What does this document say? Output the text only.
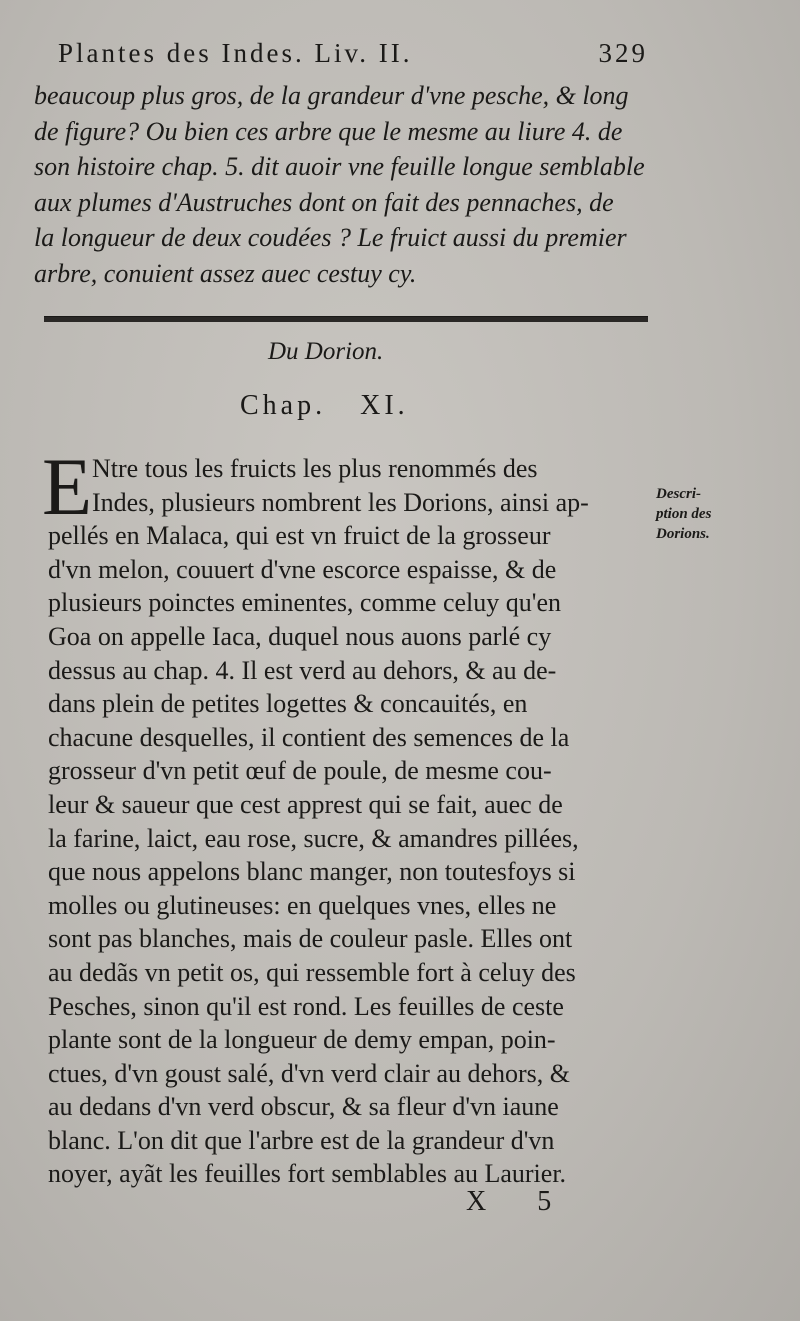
Plantes des Indes. Liv. II.	329
beaucoup plus gros, de la grandeur d'vne pesche, & long
de figure? Ou bien ces arbre que le mesme au liure 4. de
son histoire chap. 5. dit auoir vne feuille longue semblable
aux plumes d'Austruches dont on fait des pennaches, de
la longueur de deux coudées ? Le fruict aussi du premier
arbre, conuient assez auec cestuy cy.
Du Dorion.
Chap. XI.
E Ntre tous les fruicts les plus renommés des
Indes, plusieurs nombrent les Dorions, ainsi ap-
pellés en Malaca, qui est vn fruict de la grosseur
d'vn melon, couuert d'vne escorce espaisse, & de
plusieurs poinctes eminentes, comme celuy qu'en
Goa on appelle Iaca, duquel nous auons parlé cy
dessus au chap. 4. Il est verd au dehors, & au de-
dans plein de petites logettes & concauités, en
chacune desquelles, il contient des semences de la
grosseur d'vn petit œuf de poule, de mesme cou-
leur & saueur que cest apprest qui se fait, auec de
la farine, laict, eau rose, sucre, & amandres pillées,
que nous appelons blanc manger, non toutesfoys si
molles ou glutineuses: en quelques vnes, elles ne
sont pas blanches, mais de couleur pasle. Elles ont
au dedãs vn petit os, qui ressemble fort à celuy des
Pesches, sinon qu'il est rond. Les feuilles de ceste
plante sont de la longueur de demy empan, poin-
ctues, d'vn goust salé, d'vn verd clair au dehors, &
au dedans d'vn verd obscur, & sa fleur d'vn iaune
blanc. L'on dit que l'arbre est de la grandeur d'vn
noyer, ayãt les feuilles fort semblables au Laurier.
Descri-
ption des
Dorions.
X 5
